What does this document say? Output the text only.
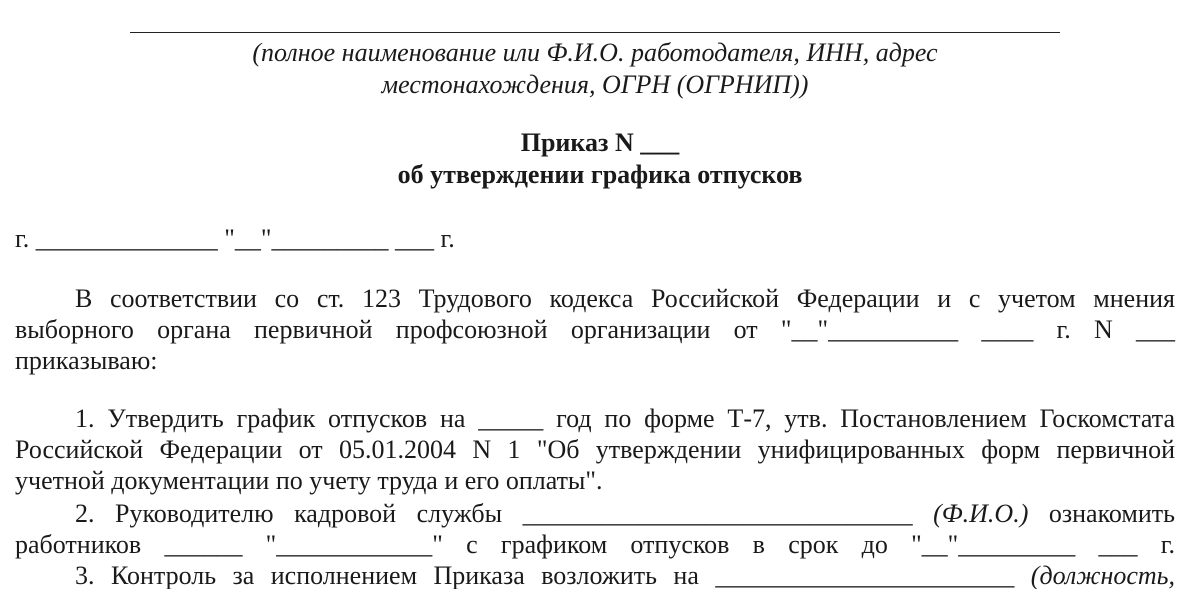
(полное наименование или Ф.И.О. работодателя, ИНН, адрес
местонахождения, ОГРН (ОГРНИП))
Приказ N ___
об утверждении графика отпусков
г. ______________ "__"_________ ___ г.
В соответствии со ст. 123 Трудового кодекса Российской Федерации и с учетом мнения
выборного органа первичной профсоюзной организации от "__"__________ ____ г. N ___
приказываю:
1. Утвердить график отпусков на _____ год по форме Т-7, утв. Постановлением Госкомстата
Российской Федерации от 05.01.2004 N 1 "Об утверждении унифицированных форм первичной
учетной документации по учету труда и его оплаты".
2. Руководителю кадровой службы ______________________________ (Ф.И.О.) ознакомить
работников ______ "____________" с графиком отпусков в срок до "__"_________ ___ г.
3. Контроль за исполнением Приказа возложить на _______________________ (должность,
